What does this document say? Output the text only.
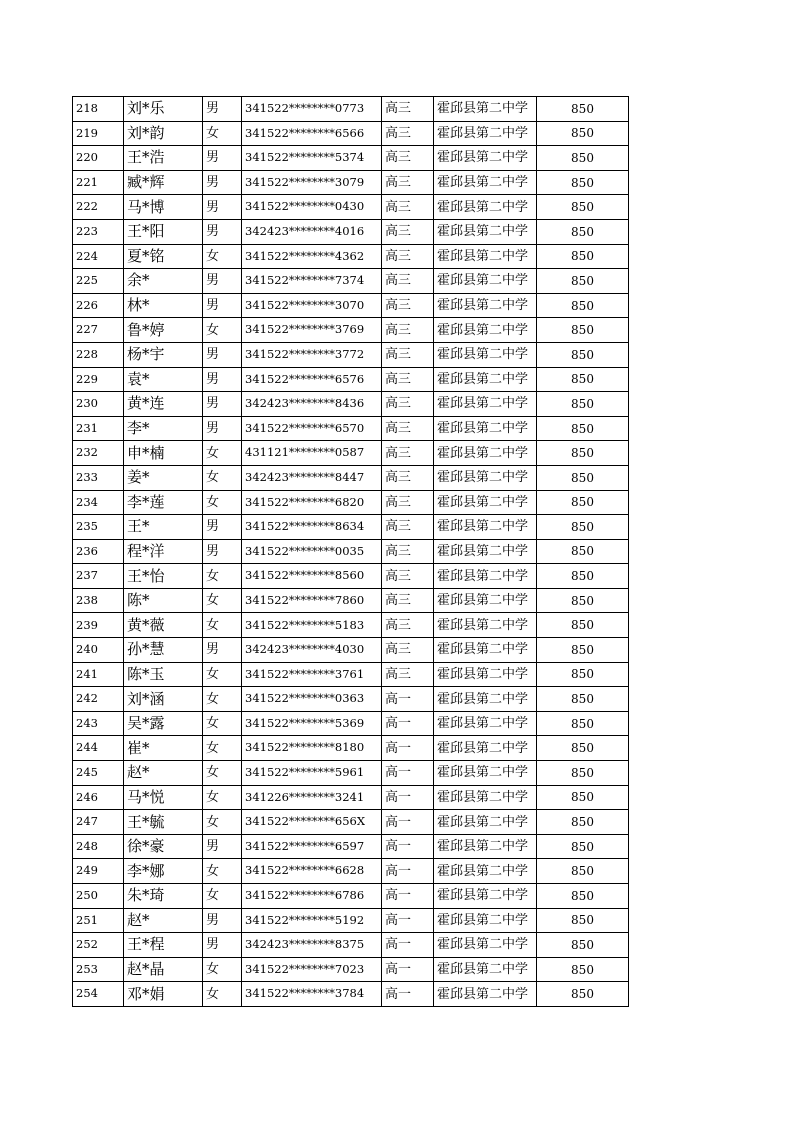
218	刘*乐	男	341522********0773	高三	霍邱县第二中学	850
219	刘*韵	女	341522********6566	高三	霍邱县第二中学	850
220	王*浩	男	341522********5374	高三	霍邱县第二中学	850
221	臧*辉	男	341522********3079	高三	霍邱县第二中学	850
222	马*博	男	341522********0430	高三	霍邱县第二中学	850
223	王*阳	男	342423********4016	高三	霍邱县第二中学	850
224	夏*铭	女	341522********4362	高三	霍邱县第二中学	850
225	余*	男	341522********7374	高三	霍邱县第二中学	850
226	林*	男	341522********3070	高三	霍邱县第二中学	850
227	鲁*婷	女	341522********3769	高三	霍邱县第二中学	850
228	杨*宇	男	341522********3772	高三	霍邱县第二中学	850
229	袁*	男	341522********6576	高三	霍邱县第二中学	850
230	黄*连	男	342423********8436	高三	霍邱县第二中学	850
231	李*	男	341522********6570	高三	霍邱县第二中学	850
232	申*楠	女	431121********0587	高三	霍邱县第二中学	850
233	姜*	女	342423********8447	高三	霍邱县第二中学	850
234	李*莲	女	341522********6820	高三	霍邱县第二中学	850
235	王*	男	341522********8634	高三	霍邱县第二中学	850
236	程*洋	男	341522********0035	高三	霍邱县第二中学	850
237	王*怡	女	341522********8560	高三	霍邱县第二中学	850
238	陈*	女	341522********7860	高三	霍邱县第二中学	850
239	黄*薇	女	341522********5183	高三	霍邱县第二中学	850
240	孙*慧	男	342423********4030	高三	霍邱县第二中学	850
241	陈*玉	女	341522********3761	高三	霍邱县第二中学	850
242	刘*涵	女	341522********0363	高一	霍邱县第二中学	850
243	吴*露	女	341522********5369	高一	霍邱县第二中学	850
244	崔*	女	341522********8180	高一	霍邱县第二中学	850
245	赵*	女	341522********5961	高一	霍邱县第二中学	850
246	马*悦	女	341226********3241	高一	霍邱县第二中学	850
247	王*毓	女	341522********656X	高一	霍邱县第二中学	850
248	徐*豪	男	341522********6597	高一	霍邱县第二中学	850
249	李*娜	女	341522********6628	高一	霍邱县第二中学	850
250	朱*琦	女	341522********6786	高一	霍邱县第二中学	850
251	赵*	男	341522********5192	高一	霍邱县第二中学	850
252	王*程	男	342423********8375	高一	霍邱县第二中学	850
253	赵*晶	女	341522********7023	高一	霍邱县第二中学	850
254	邓*娟	女	341522********3784	高一	霍邱县第二中学	850
